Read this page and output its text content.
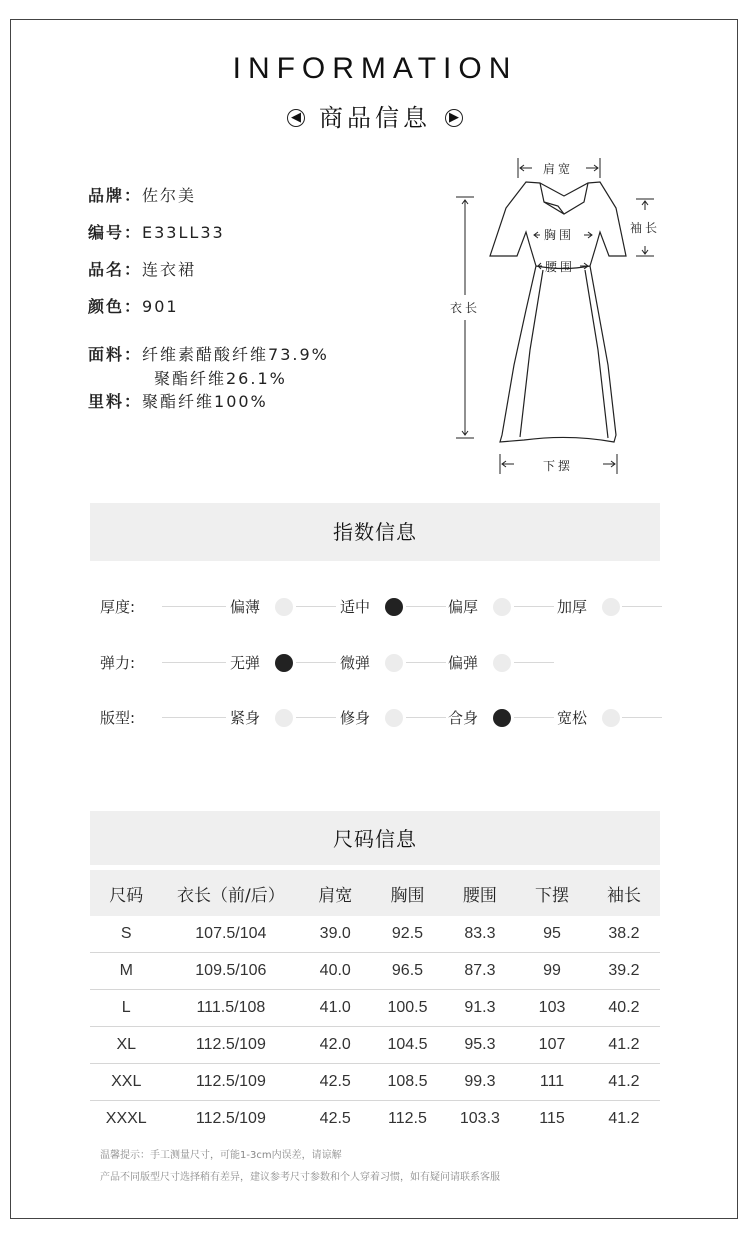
INFORMATION
◀ 商品信息 ▶
品牌：佐尔美
编号：E33LL33
品名：连衣裙
颜色：901
面料：纤维素醋酸纤维73.9%
聚酯纤维26.1%
里料：聚酯纤维100%
肩宽
袖长
胸围
腰围
衣长
下摆
指数信息
厚度:	偏薄	适中	偏厚	加厚
弹力:	无弹	微弹	偏弹
版型:	紧身	修身	合身	宽松
尺码信息
尺码	衣长（前/后）	肩宽	胸围	腰围	下摆	袖长
S	107.5/104	39.0	92.5	83.3	95	38.2
M	109.5/106	40.0	96.5	87.3	99	39.2
L	111.5/108	41.0	100.5	91.3	103	40.2
XL	112.5/109	42.0	104.5	95.3	107	41.2
XXL	112.5/109	42.5	108.5	99.3	111	41.2
XXXL	112.5/109	42.5	112.5	103.3	115	41.2
温馨提示：手工测量尺寸，可能1-3cm内误差，请谅解
产品不同版型尺寸选择稍有差异，建议参考尺寸参数和个人穿着习惯，如有疑问请联系客服
